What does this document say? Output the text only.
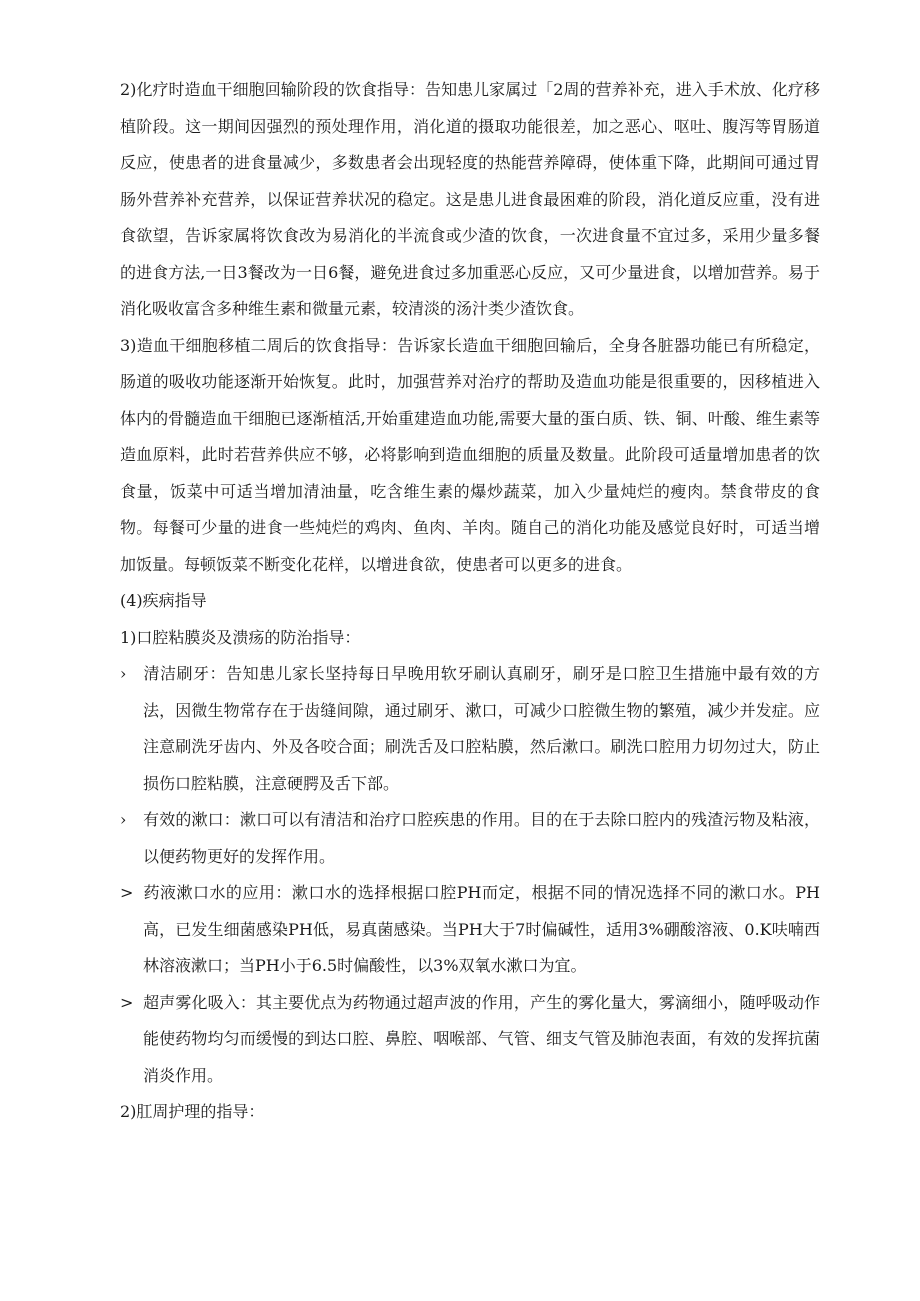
2)化疗时造血干细胞回输阶段的饮食指导：告知患儿家属过「2周的营养补充，进入手术放、化疗移植阶段。这一期间因强烈的预处理作用，消化道的摄取功能很差，加之恶心、呕吐、腹泻等胃肠道反应，使患者的进食量减少，多数患者会出现轻度的热能营养障碍，使体重下降，此期间可通过胃肠外营养补充营养，以保证营养状况的稳定。这是患儿进食最困难的阶段，消化道反应重，没有进食欲望，告诉家属将饮食改为易消化的半流食或少渣的饮食，一次进食量不宜过多，采用少量多餐的进食方法,一日3餐改为一日6餐，避免进食过多加重恶心反应，又可少量进食，以增加营养。易于消化吸收富含多种维生素和微量元素，较清淡的汤汁类少渣饮食。

3)造血干细胞移植二周后的饮食指导：告诉家长造血干细胞回输后，全身各脏器功能已有所稳定，肠道的吸收功能逐渐开始恢复。此时，加强营养对治疗的帮助及造血功能是很重要的，因移植进入体内的骨髓造血干细胞已逐渐植活,开始重建造血功能,需要大量的蛋白质、铁、铜、叶酸、维生素等造血原料，此时若营养供应不够，必将影响到造血细胞的质量及数量。此阶段可适量增加患者的饮食量，饭菜中可适当增加清油量，吃含维生素的爆炒蔬菜，加入少量炖烂的瘦肉。禁食带皮的食物。每餐可少量的进食一些炖烂的鸡肉、鱼肉、羊肉。随自己的消化功能及感觉良好时，可适当增加饭量。每顿饭菜不断变化花样，以增进食欲，使患者可以更多的进食。

(4)疾病指导

1)口腔粘膜炎及溃疡的防治指导：

› 清洁刷牙：告知患儿家长坚持每日早晚用软牙刷认真刷牙，刷牙是口腔卫生措施中最有效的方法，因微生物常存在于齿缝间隙，通过刷牙、漱口，可减少口腔微生物的繁殖，减少并发症。应注意刷洗牙齿内、外及各咬合面；刷洗舌及口腔粘膜，然后漱口。刷洗口腔用力切勿过大，防止损伤口腔粘膜，注意硬腭及舌下部。

› 有效的漱口：漱口可以有清洁和治疗口腔疾患的作用。目的在于去除口腔内的残渣污物及粘液，以便药物更好的发挥作用。

> 药液漱口水的应用：漱口水的选择根据口腔PH而定，根据不同的情况选择不同的漱口水。PH高，已发生细菌感染PH低，易真菌感染。当PH大于7时偏碱性，适用3%硼酸溶液、0.K呋喃西林溶液漱口；当PH小于6.5时偏酸性，以3%双氧水漱口为宜。

> 超声雾化吸入：其主要优点为药物通过超声波的作用，产生的雾化量大，雾滴细小，随呼吸动作能使药物均匀而缓慢的到达口腔、鼻腔、咽喉部、气管、细支气管及肺泡表面，有效的发挥抗菌消炎作用。

2)肛周护理的指导：
